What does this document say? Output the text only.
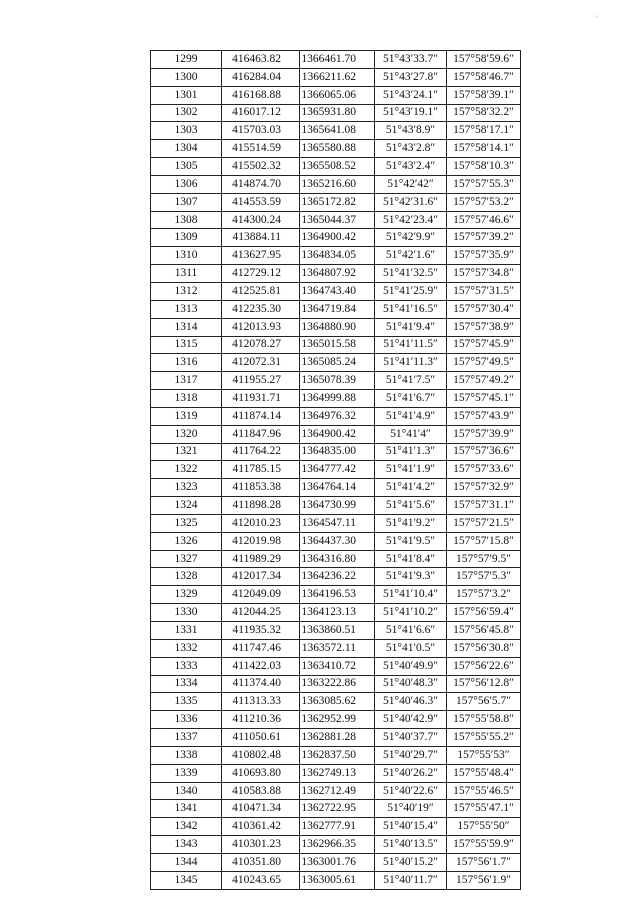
'
1299	416463.82	1366461.70	51°43′33.7″	157°58′59.6″
1300	416284.04	1366211.62	51°43′27.8″	157°58′46.7″
1301	416168.88	1366065.06	51°43′24.1″	157°58′39.1″
1302	416017.12	1365931.80	51°43′19.1″	157°58′32.2″
1303	415703.03	1365641.08	51°43′8.9″	157°58′17.1″
1304	415514.59	1365580.88	51°43′2.8″	157°58′14.1″
1305	415502.32	1365508.52	51°43′2.4″	157°58′10.3″
1306	414874.70	1365216.60	51°42′42″	157°57′55.3″
1307	414553.59	1365172.82	51°42′31.6″	157°57′53.2″
1308	414300.24	1365044.37	51°42′23.4″	157°57′46.6″
1309	413884.11	1364900.42	51°42′9.9″	157°57′39.2″
1310	413627.95	1364834.05	51°42′1.6″	157°57′35.9″
1311	412729.12	1364807.92	51°41′32.5″	157°57′34.8″
1312	412525.81	1364743.40	51°41′25.9″	157°57′31.5″
1313	412235.30	1364719.84	51°41′16.5″	157°57′30.4″
1314	412013.93	1364880.90	51°41′9.4″	157°57′38.9″
1315	412078.27	1365015.58	51°41′11.5″	157°57′45.9″
1316	412072.31	1365085.24	51°41′11.3″	157°57′49.5″
1317	411955.27	1365078.39	51°41′7.5″	157°57′49.2″
1318	411931.71	1364999.88	51°41′6.7″	157°57′45.1″
1319	411874.14	1364976.32	51°41′4.9″	157°57′43.9″
1320	411847.96	1364900.42	51°41′4″	157°57′39.9″
1321	411764.22	1364835.00	51°41′1.3″	157°57′36.6″
1322	411785.15	1364777.42	51°41′1.9″	157°57′33.6″
1323	411853.38	1364764.14	51°41′4.2″	157°57′32.9″
1324	411898.28	1364730.99	51°41′5.6″	157°57′31.1″
1325	412010.23	1364547.11	51°41′9.2″	157°57′21.5″
1326	412019.98	1364437.30	51°41′9.5″	157°57′15.8″
1327	411989.29	1364316.80	51°41′8.4″	157°57′9.5″
1328	412017.34	1364236.22	51°41′9.3″	157°57′5.3″
1329	412049.09	1364196.53	51°41′10.4″	157°57′3.2″
1330	412044.25	1364123.13	51°41′10.2″	157°56′59.4″
1331	411935.32	1363860.51	51°41′6.6″	157°56′45.8″
1332	411747.46	1363572.11	51°41′0.5″	157°56′30.8″
1333	411422.03	1363410.72	51°40′49.9″	157°56′22.6″
1334	411374.40	1363222.86	51°40′48.3″	157°56′12.8″
1335	411313.33	1363085.62	51°40′46.3″	157°56′5.7″
1336	411210.36	1362952.99	51°40′42.9″	157°55′58.8″
1337	411050.61	1362881.28	51°40′37.7″	157°55′55.2″
1338	410802.48	1362837.50	51°40′29.7″	157°55′53″
1339	410693.80	1362749.13	51°40′26.2″	157°55′48.4″
1340	410583.88	1362712.49	51°40′22.6″	157°55′46.5″
1341	410471.34	1362722.95	51°40′19″	157°55′47.1″
1342	410361.42	1362777.91	51°40′15.4″	157°55′50″
1343	410301.23	1362966.35	51°40′13.5″	157°55′59.9″
1344	410351.80	1363001.76	51°40′15.2″	157°56′1.7″
1345	410243.65	1363005.61	51°40′11.7″	157°56′1.9″
